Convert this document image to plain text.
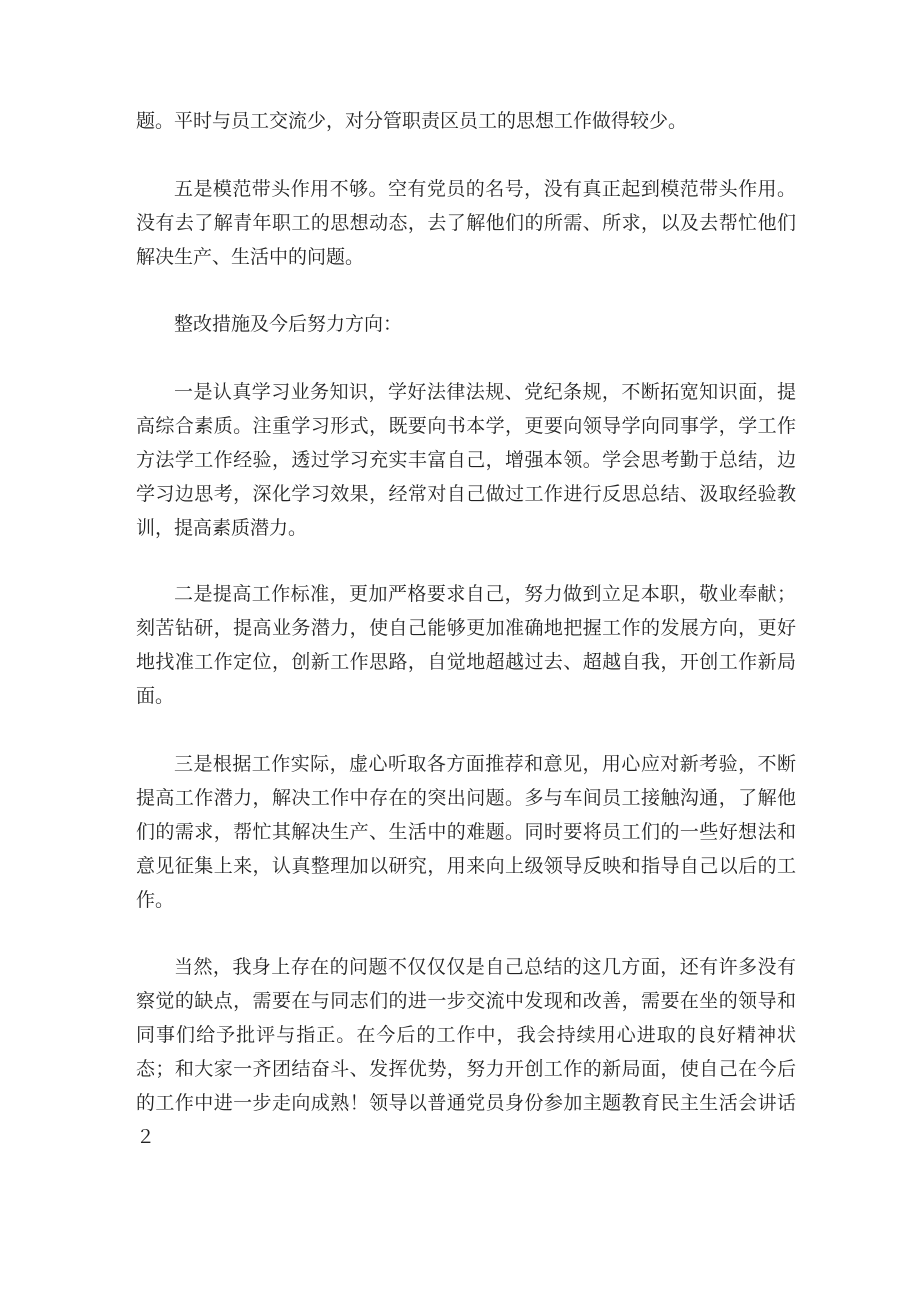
题。平时与员工交流少，对分管职责区员工的思想工作做得较少。

五是模范带头作用不够。空有党员的名号，没有真正起到模范带头作用。没有去了解青年职工的思想动态，去了解他们的所需、所求，以及去帮忙他们解决生产、生活中的问题。

整改措施及今后努力方向：

一是认真学习业务知识，学好法律法规、党纪条规，不断拓宽知识面，提高综合素质。注重学习形式，既要向书本学，更要向领导学向同事学，学工作方法学工作经验，透过学习充实丰富自己，增强本领。学会思考勤于总结，边学习边思考，深化学习效果，经常对自己做过工作进行反思总结、汲取经验教训，提高素质潜力。

二是提高工作标准，更加严格要求自己，努力做到立足本职，敬业奉献；刻苦钻研，提高业务潜力，使自己能够更加准确地把握工作的发展方向，更好地找准工作定位，创新工作思路，自觉地超越过去、超越自我，开创工作新局面。

三是根据工作实际，虚心听取各方面推荐和意见，用心应对新考验，不断提高工作潜力，解决工作中存在的突出问题。多与车间员工接触沟通，了解他们的需求，帮忙其解决生产、生活中的难题。同时要将员工们的一些好想法和意见征集上来，认真整理加以研究，用来向上级领导反映和指导自己以后的工作。

当然，我身上存在的问题不仅仅仅是自己总结的这几方面，还有许多没有察觉的缺点，需要在与同志们的进一步交流中发现和改善，需要在坐的领导和同事们给予批评与指正。在今后的工作中，我会持续用心进取的良好精神状态；和大家一齐团结奋斗、发挥优势，努力开创工作的新局面，使自己在今后的工作中进一步走向成熟！领导以普通党员身份参加主题教育民主生活会讲话２
